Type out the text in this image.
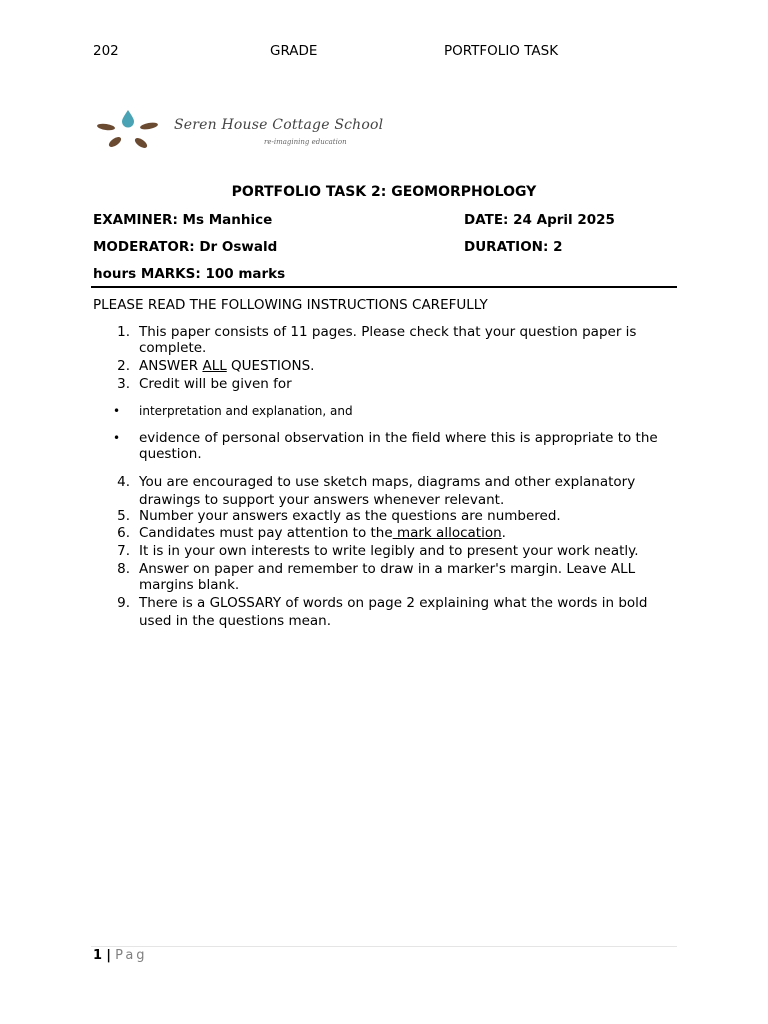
202	GRADE	PORTFOLIO TASK
Seren House Cottage School
re-imagining education
PORTFOLIO TASK 2: GEOMORPHOLOGY
EXAMINER: Ms Manhice	DATE: 24 April 2025
MODERATOR: Dr Oswald	DURATION: 2
hours MARKS: 100 marks
PLEASE READ THE FOLLOWING INSTRUCTIONS CAREFULLY
1. This paper consists of 11 pages. Please check that your question paper is complete.
2. ANSWER ALL QUESTIONS.
3. Credit will be given for
• interpretation and explanation, and
• evidence of personal observation in the field where this is appropriate to the question.
4. You are encouraged to use sketch maps, diagrams and other explanatory drawings to support your answers whenever relevant.
5. Number your answers exactly as the questions are numbered.
6. Candidates must pay attention to the mark allocation.
7. It is in your own interests to write legibly and to present your work neatly.
8. Answer on paper and remember to draw in a marker's margin. Leave ALL margins blank.
9. There is a GLOSSARY of words on page 2 explaining what the words in bold used in the questions mean.
1 | Pag
